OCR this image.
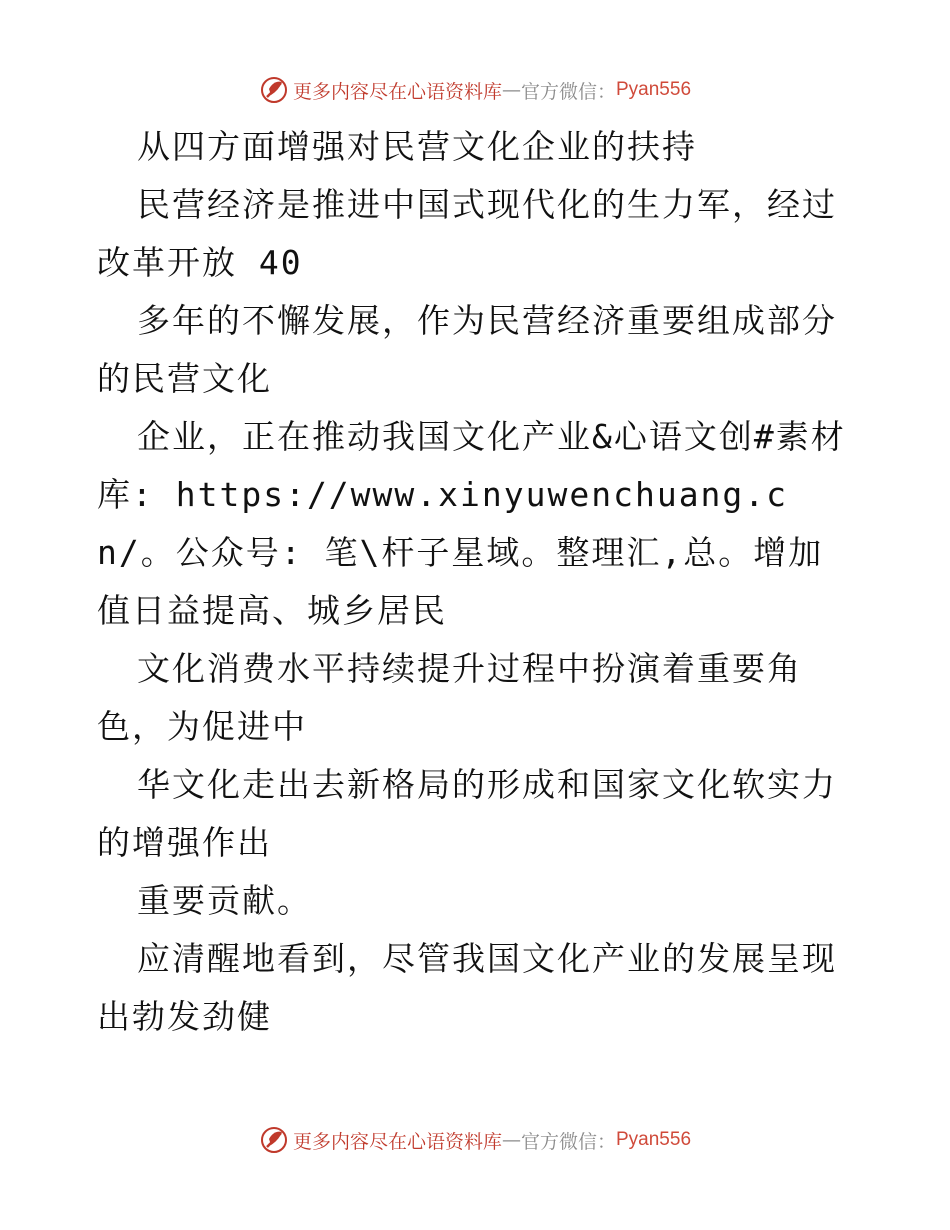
更多内容尽在心语资料库 — 官方微信： Pyan556

从四方面增强对民营文化企业的扶持

民营经济是推进中国式现代化的生力军，经过改革开放 40

多年的不懈发展，作为民营经济重要组成部分的民营文化

企业，正在推动我国文化产业&心语文创#素材库: https://www.xinyuwenchuang.cn/。公众号: 笔\杆子星域。整理汇,总。增加值日益提高、城乡居民

文化消费水平持续提升过程中扮演着重要角色，为促进中

华文化走出去新格局的形成和国家文化软实力的增强作出

重要贡献。

应清醒地看到，尽管我国文化产业的发展呈现出勃发劲健

更多内容尽在心语资料库 — 官方微信： Pyan556
